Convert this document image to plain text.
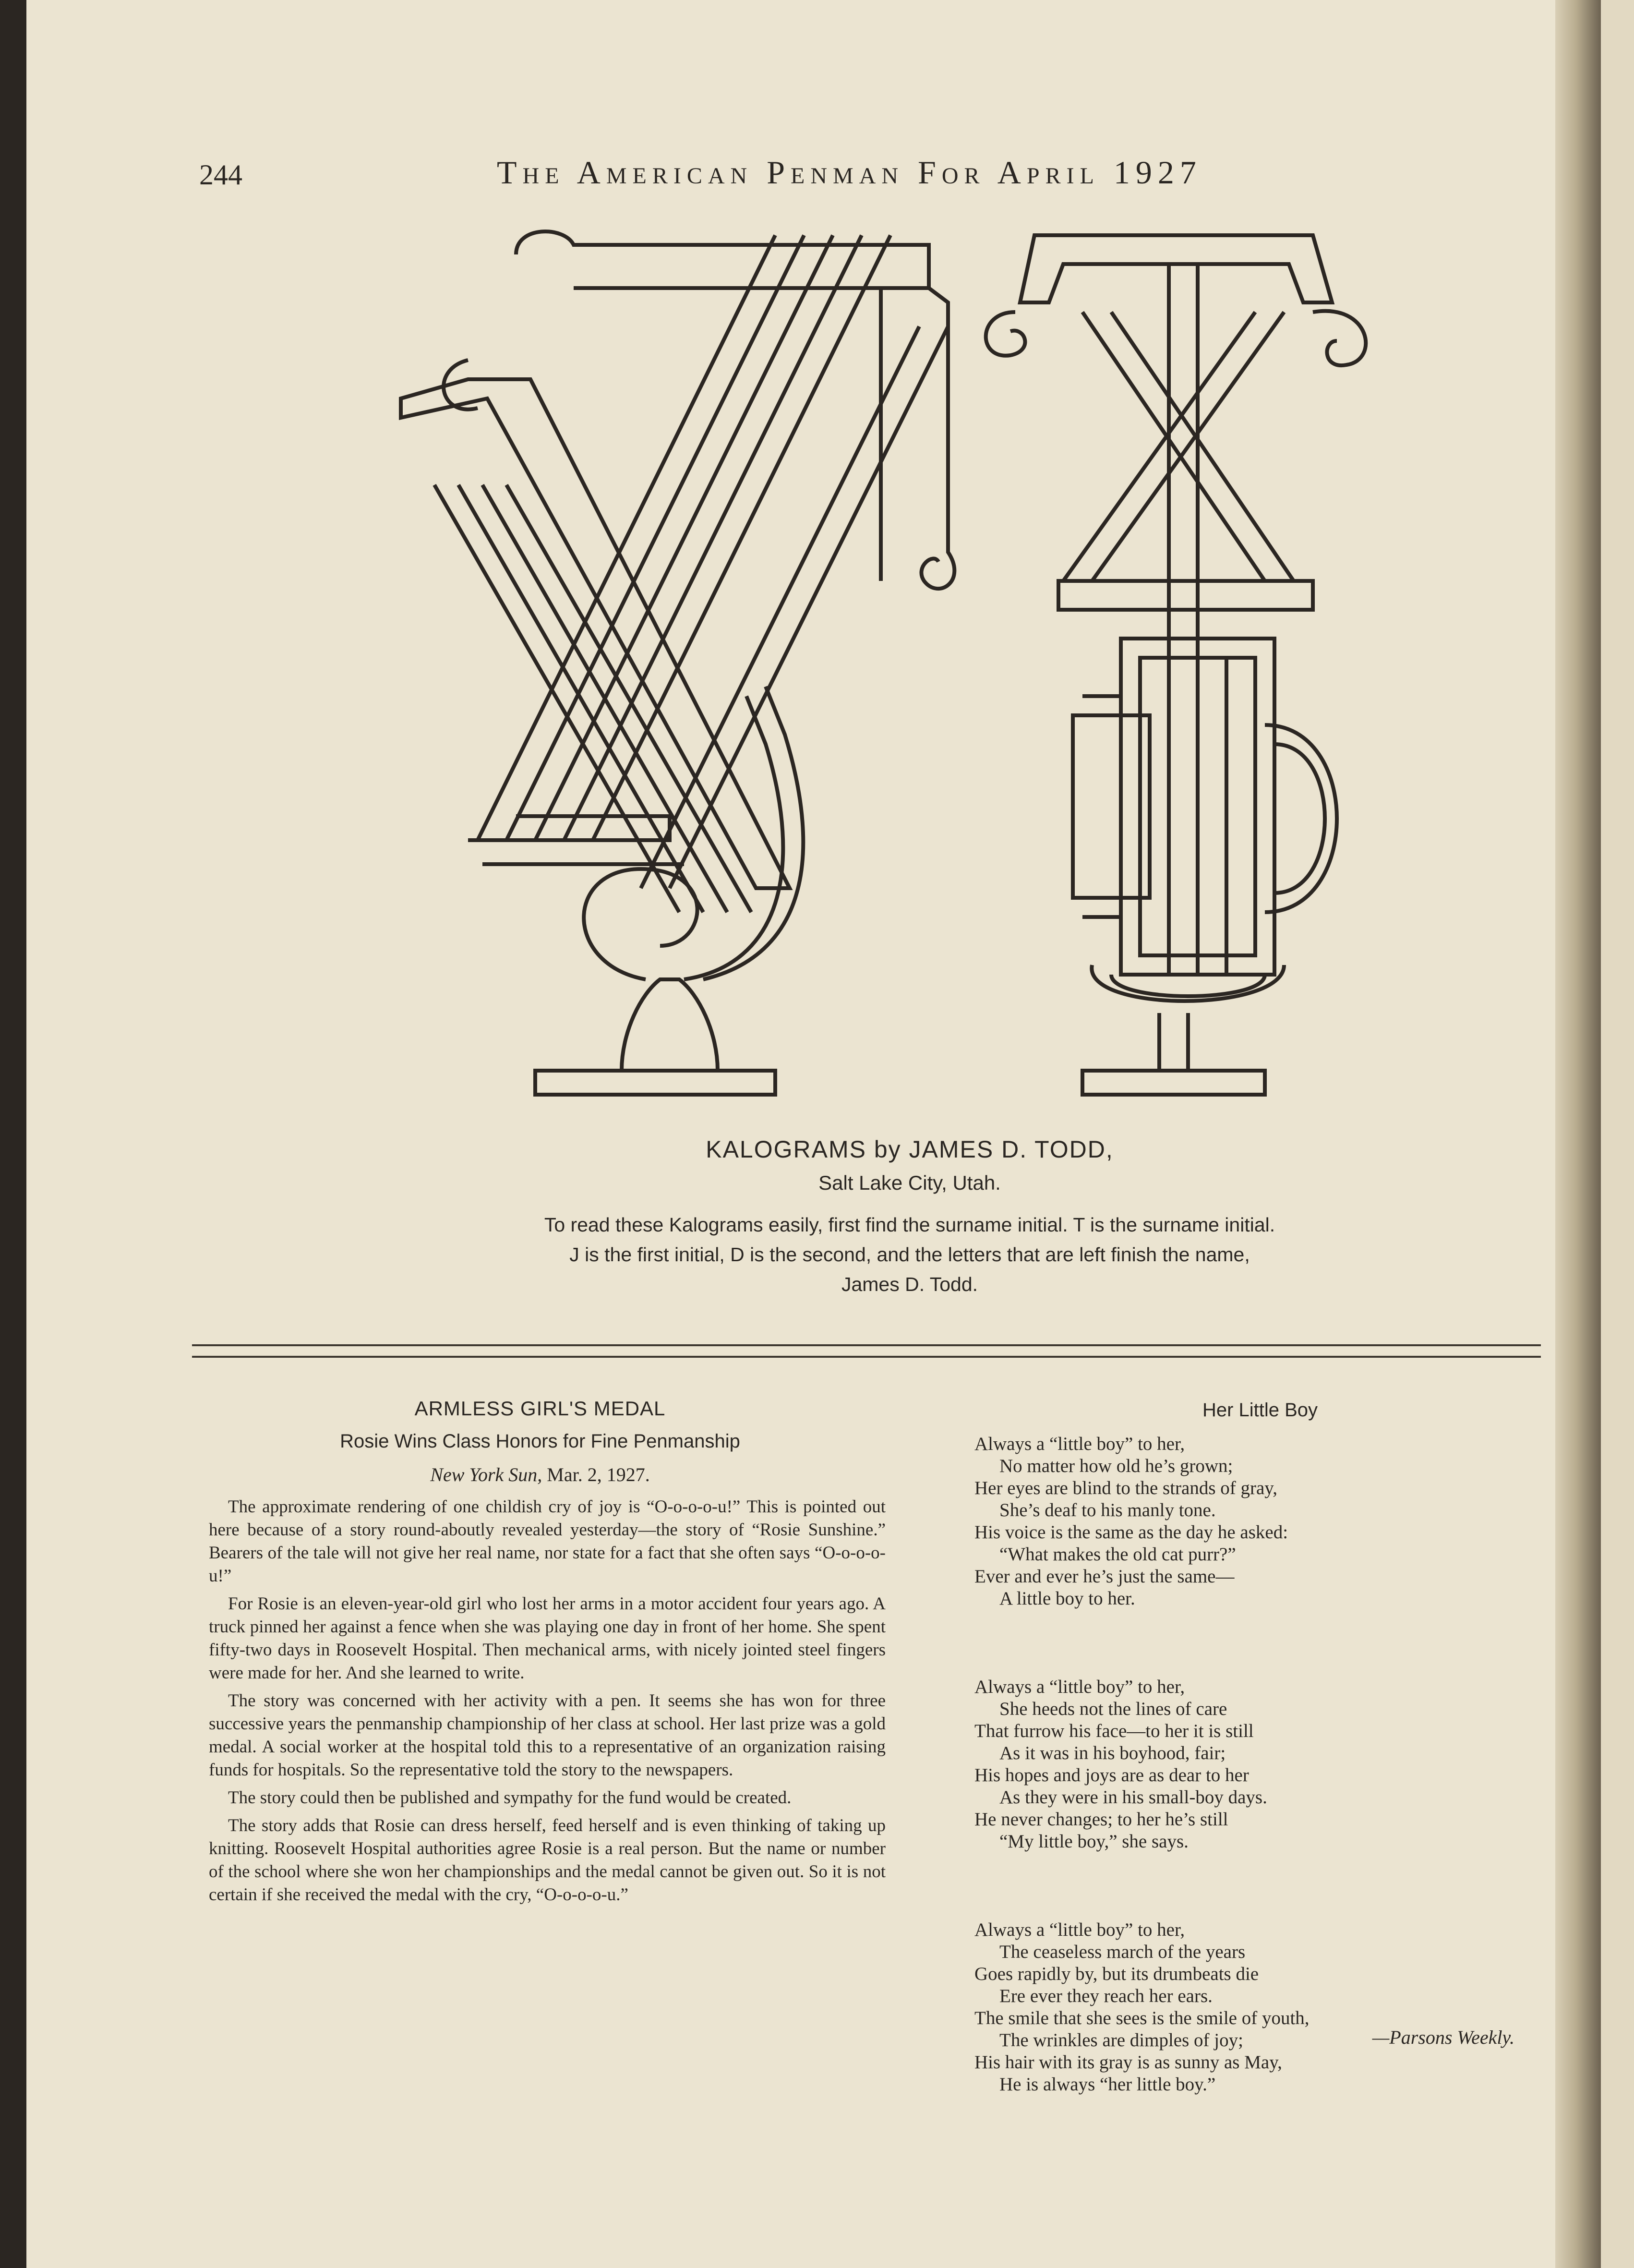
244	The American Penman For April 1927
KALOGRAMS by JAMES D. TODD,
Salt Lake City, Utah.
To read these Kalograms easily, first find the surname initial. T is the surname initial.
J is the first initial, D is the second, and the letters that are left finish the name,
James D. Todd.
ARMLESS GIRL'S MEDAL
Rosie Wins Class Honors for Fine Penmanship
New York Sun, Mar. 2, 1927.

The approximate rendering of one childish cry of joy is “O-o-o-o-u!” This is pointed out here because of a story round-aboutly revealed yesterday—the story of “Rosie Sunshine.” Bearers of the tale will not give her real name, nor state for a fact that she often says “O-o-o-o-u!”

For Rosie is an eleven-year-old girl who lost her arms in a motor accident four years ago. A truck pinned her against a fence when she was playing one day in front of her home. She spent fifty-two days in Roosevelt Hospital. Then mechanical arms, with nicely jointed steel fingers were made for her. And she learned to write.

The story was concerned with her activity with a pen. It seems she has won for three successive years the penmanship championship of her class at school. Her last prize was a gold medal. A social worker at the hospital told this to a representative of an organization raising funds for hospitals. So the representative told the story to the newspapers.

The story could then be published and sympathy for the fund would be created.

The story adds that Rosie can dress herself, feed herself and is even thinking of taking up knitting. Roosevelt Hospital authorities agree Rosie is a real person. But the name or number of the school where she won her championships and the medal cannot be given out. So it is not certain if she received the medal with the cry, “O-o-o-o-u.”

Her Little Boy
Always a “little boy” to her,
No matter how old he’s grown;
Her eyes are blind to the strands of gray,
She’s deaf to his manly tone.
His voice is the same as the day he asked:
“What makes the old cat purr?”
Ever and ever he’s just the same—
A little boy to her.
Always a “little boy” to her,
She heeds not the lines of care
That furrow his face—to her it is still
As it was in his boyhood, fair;
His hopes and joys are as dear to her
As they were in his small-boy days.
He never changes; to her he’s still
“My little boy,” she says.
Always a “little boy” to her,
The ceaseless march of the years
Goes rapidly by, but its drumbeats die
Ere ever they reach her ears.
The smile that she sees is the smile of youth,
The wrinkles are dimples of joy;
His hair with its gray is as sunny as May,
He is always “her little boy.”
—Parsons Weekly.
